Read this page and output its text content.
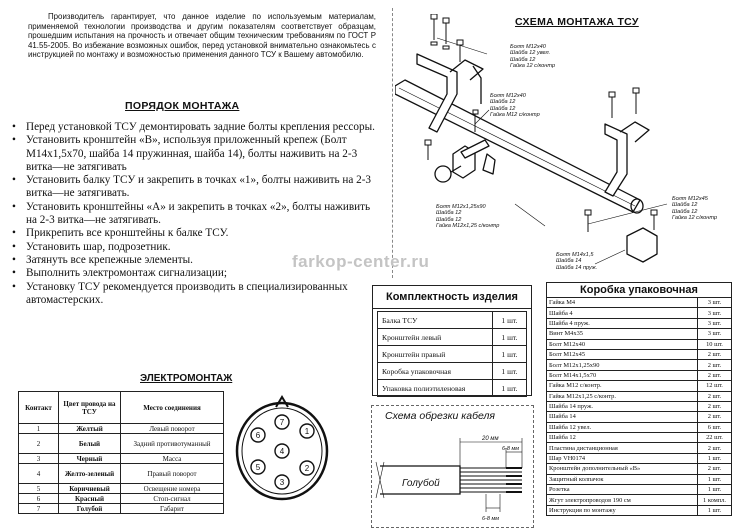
Производитель гарантирует, что данное изделие по используемым материалам, применяемой технологии производства и другим показателям соответствует образцам, прошедшим испытания на прочность и отвечает общим техническим требованиям по ГОСТ Р 41.55-2005. Во избежание возможных ошибок, перед установкой внимательно ознакомьтесь с инструкцией по монтажу и возможностью применения данного ТСУ к Вашему автомобилю.

ПОРЯДОК МОНТАЖА
• Перед установкой ТСУ демонтировать задние болты крепления рессоры.
• Установить кронштейн «В», используя приложенный крепеж (Болт М14х1,5х70, шайба 14 пружинная, шайба 14), болты наживить на 2-3 витка—не затягивать
• Установить балку ТСУ и закрепить в точках «1», болты наживить на 2-3 витка—не затягивать.
• Установить кронштейны «А» и закрепить в точках «2», болты наживить на 2-3 витка—не затягивать.
• Прикрепить все кронштейны к балке ТСУ.
• Установить шар, подрозетник.
• Затянуть все крепежные элементы.
• Выполнить электромонтаж сигнализации;
• Установку ТСУ рекомендуется производить в специализированных автомастерских.
ЭЛЕКТРОМОНТАЖ
Контакт	Цвет провода на ТСУ	Место соединения
1	Желтый	Левый поворот
2	Белый	Задний противотуманный
3	Черный	Масса
4	Желто-зеленый	Правый поворот
5	Коричневый	Освещение номера
6	Красный	Стоп-сигнал
7	Голубой	Габарит
6
7
1
4
5	2
3
СХЕМА МОНТАЖА ТСУ
Болт М12х40
Шайба 12 увел.
Шайба 12
Гайка 12 с/контр
Болт М12х40
Шайба 12
Шайба 12
Гайка М12 с/контр
Болт М12х45
Шайба 12
Шайба 12
Гайка 12 с/контр
Болт М12х1,25х90
Шайба 12
Шайба 12
Гайка М12х1,25 с/контр
Болт М14х1,5
Шайба 14
Шайба 14 пруж.
farkop-center.ru
Комплектность изделия
Балка ТСУ	1 шт.
Кронштейн левый	1 шт.
Кронштейн правый	1 шт.
Коробка упаковочная	1 шт.
Упаковка полиэтиленовая	1 шт.
Коробка упаковочная
Гайка М4	3 шт.
Шайба 4	3 шт.
Шайба 4 пруж.	3 шт.
Винт М4х35	3 шт.
Болт М12х40	10 шт.
Болт М12х45	2 шт.
Болт М12х1,25х90	2 шт.
Болт М14х1,5х70	2 шт.
Гайка М12 с/контр.	12 шт.
Гайка М12х1,25 с/контр.	2 шт.
Шайба 14 пруж.	2 шт.
Шайба 14	2 шт.
Шайба 12 увел.	6 шт.
Шайба 12	22 шт.
Пластина дистанционная	2 шт.
Шар VН0174	1 шт.
Кронштейн дополнительный «В»	2 шт.
Защитный колпачок	1 шт.
Розетка	1 шт.
Жгут электропроводов 190 см	1 компл.
Инструкция по монтажу	1 шт.
Схема обрезки кабеля
20 мм
6-8 мм
6-8 мм
Голубой
